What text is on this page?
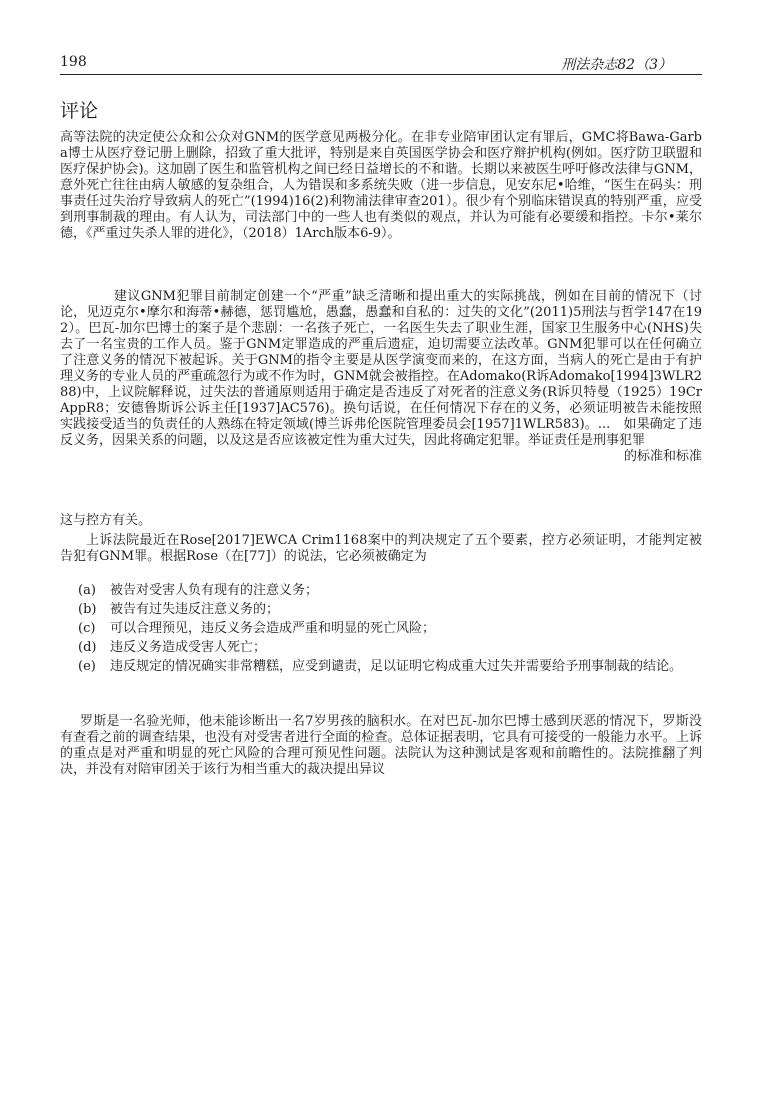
198	刑法杂志82（3）
评论

高等法院的决定使公众和公众对GNM的医学意见两极分化。在非专业陪审团认定有罪后，GMC将Bawa-Garba博士从医疗登记册上删除，招致了重大批评，特别是来自英国医学协会和医疗辩护机构(例如。医疗防卫联盟和医疗保护协会)。这加剧了医生和监管机构之间已经日益增长的不和谐。长期以来被医生呼吁修改法律与GNM，意外死亡往往由病人敏感的复杂组合，人为错误和多系统失败（进一步信息，见安东尼•哈维，“医生在码头：刑事责任过失治疗导致病人的死亡”(1994)16(2)利物浦法律审查201）。很少有个别临床错误真的特别严重，应受到刑事制裁的理由。有人认为，司法部门中的一些人也有类似的观点，并认为可能有必要缓和指控。卡尔•莱尔德，《严重过失杀人罪的进化》，（2018）1Arch版本6-9）。

　　　　建议GNM犯罪目前制定创建一个“严重”缺乏清晰和提出重大的实际挑战，例如在目前的情况下（讨论，见迈克尔•摩尔和海蒂•赫德，惩罚尴尬，愚蠢，愚蠢和自私的：过失的文化”(2011)5刑法与哲学147在192）。巴瓦-加尔巴博士的案子是个悲剧：一名孩子死亡，一名医生失去了职业生涯，国家卫生服务中心(NHS)失去了一名宝贵的工作人员。鉴于GNM定罪造成的严重后遗症，迫切需要立法改革。GNM犯罪可以在任何确立了注意义务的情况下被起诉。关于GNM的指令主要是从医学演变而来的，在这方面，当病人的死亡是由于有护理义务的专业人员的严重疏忽行为或不作为时，GNM就会被指控。在Adomako(R诉Adomako[1994]3WLR288)中，上议院解释说，过失法的普通原则适用于确定是否违反了对死者的注意义务(R诉贝特曼（1925）19CrAppR8；安德鲁斯诉公诉主任[1937]AC576)。换句话说，在任何情况下存在的义务，必须证明被告未能按照实践接受适当的负责任的人熟练在特定领域(博兰诉弗伦医院管理委员会[1957]1WLR583)。...　如果确定了违反义务，因果关系的问题，以及这是否应该被定性为重大过失，因此将确定犯罪。举证责任是刑事犯罪
的标准和标准

这与控方有关。

上诉法院最近在Rose[2017]EWCA Crim1168案中的判决规定了五个要素，控方必须证明，才能判定被告犯有GNM罪。根据Rose（在[77]）的说法，它必须被确定为

(a) 被告对受害人负有现有的注意义务；
(b) 被告有过失违反注意义务的；
(c) 可以合理预见，违反义务会造成严重和明显的死亡风险；
(d) 违反义务造成受害人死亡；
(e) 违反规定的情况确实非常糟糕，应受到谴责，足以证明它构成重大过失并需要给予刑事制裁的结论。

罗斯是一名验光师，他未能诊断出一名7岁男孩的脑积水。在对巴瓦-加尔巴博士感到厌恶的情况下，罗斯没有查看之前的调查结果，也没有对受害者进行全面的检查。总体证据表明，它具有可接受的一般能力水平。上诉的重点是对严重和明显的死亡风险的合理可预见性问题。法院认为这种测试是客观和前瞻性的。法院推翻了判决，并没有对陪审团关于该行为相当重大的裁决提出异议
